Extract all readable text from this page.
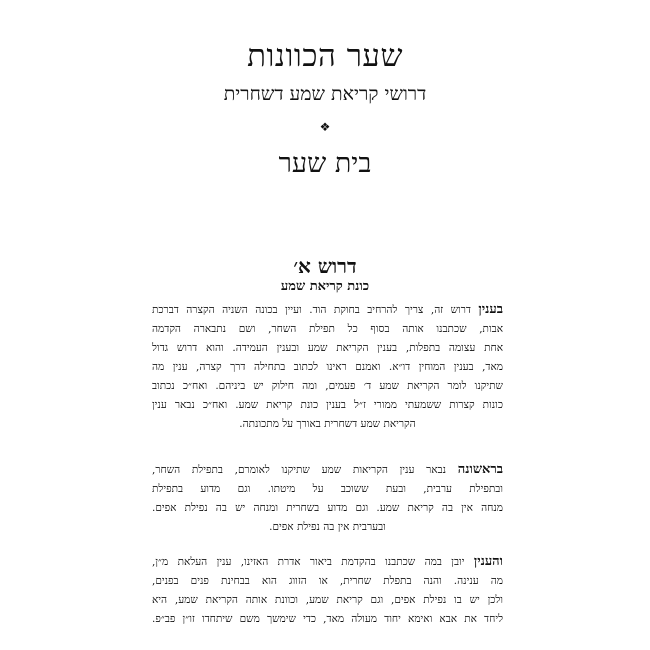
שער הכוונות
דרושי קריאת שמע דשחרית
❖
בית שער
דרוש א׳
כונת קריאת שמע
בענין דרוש זה, צריך להרחיב בחוקת הוד. ועיין בכונה השניה הקצרה דברכת
אבות, שכתבנו אותה בסוף כל תפילת השחר, ושם נתבארה הקדמה
אחת עצומה בתפלות, בענין הקריאת שמע ובענין העמידה. והוא דרוש גדול
מאד, בענין המוחין דו״א. ואמנם ראינו לכתוב בתחילה דרך קצרה, ענין מה
שתיקנו לומר הקריאת שמע ד׳ פעמים, ומה חילוק יש ביניהם. ואח״כ נכתוב
כונות קצרות ששמעתי ממורי ז״ל בענין כונת קריאת שמע. ואח״כ נבאר ענין
הקריאת שמע דשחרית באורך על מתכונתה.
בראשונה נבאר ענין הקריאות שמע שתיקנו לאומרם, בתפילת השחר,
ובתפילת ערבית, ובעת ששוכב על מיטתו. וגם מדוע בתפילת
מנחה אין בה קריאת שמע. וגם מדוע בשחרית ומנחה יש בה נפילת אפים.
ובערבית אין בה נפילת אפים.
והענין יובן במה שכתבנו בהקדמת ביאור אדרת האזינו, ענין העלאת מ״ן,
מה ענינה. והנה בתפלת שחרית, או הזווג הוא בבחינת פנים בפנים,
ולכן יש בו נפילת אפים, וגם קריאת שמע, וכוונת אותה הקריאת שמע, היא
ליחד את אבא ואימא יחוד מעולה מאד, כדי שימשך משם שיתחדו זו״ן פב״פ.
